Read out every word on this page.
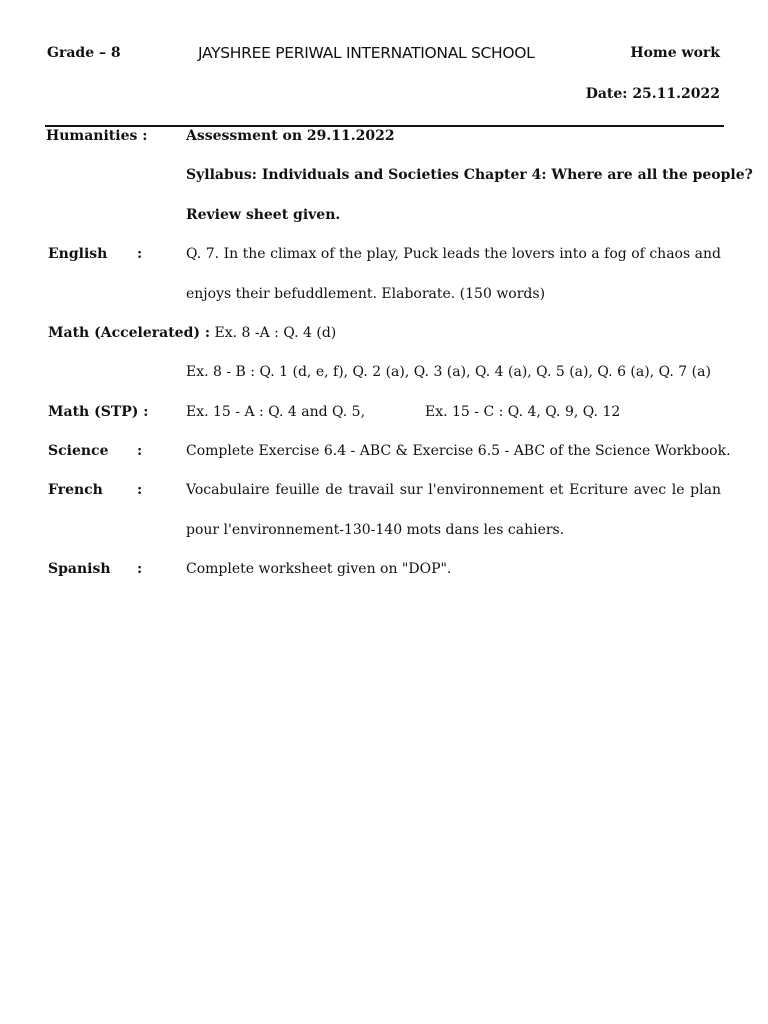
Grade – 8	JAYSHREE PERIWAL INTERNATIONAL SCHOOL	Home work
Date: 25.11.2022
Humanities :	Assessment on 29.11.2022
Syllabus: Individuals and Societies Chapter 4: Where are all the people?
Review sheet given.
English :	Q. 7. In the climax of the play, Puck leads the lovers into a fog of chaos and
enjoys their befuddlement. Elaborate. (150 words)
Math (Accelerated) : Ex. 8 -A : Q. 4 (d)
Ex. 8 - B : Q. 1 (d, e, f), Q. 2 (a), Q. 3 (a), Q. 4 (a), Q. 5 (a), Q. 6 (a), Q. 7 (a)
Math (STP) :	Ex. 15 - A : Q. 4 and Q. 5,	Ex. 15 - C : Q. 4, Q. 9, Q. 12
Science :	Complete Exercise 6.4 - ABC & Exercise 6.5 - ABC of the Science Workbook.
French :	Vocabulaire feuille de travail sur l'environnement et Ecriture avec le plan
pour l'environnement-130-140 mots dans les cahiers.
Spanish :	Complete worksheet given on "DOP".
